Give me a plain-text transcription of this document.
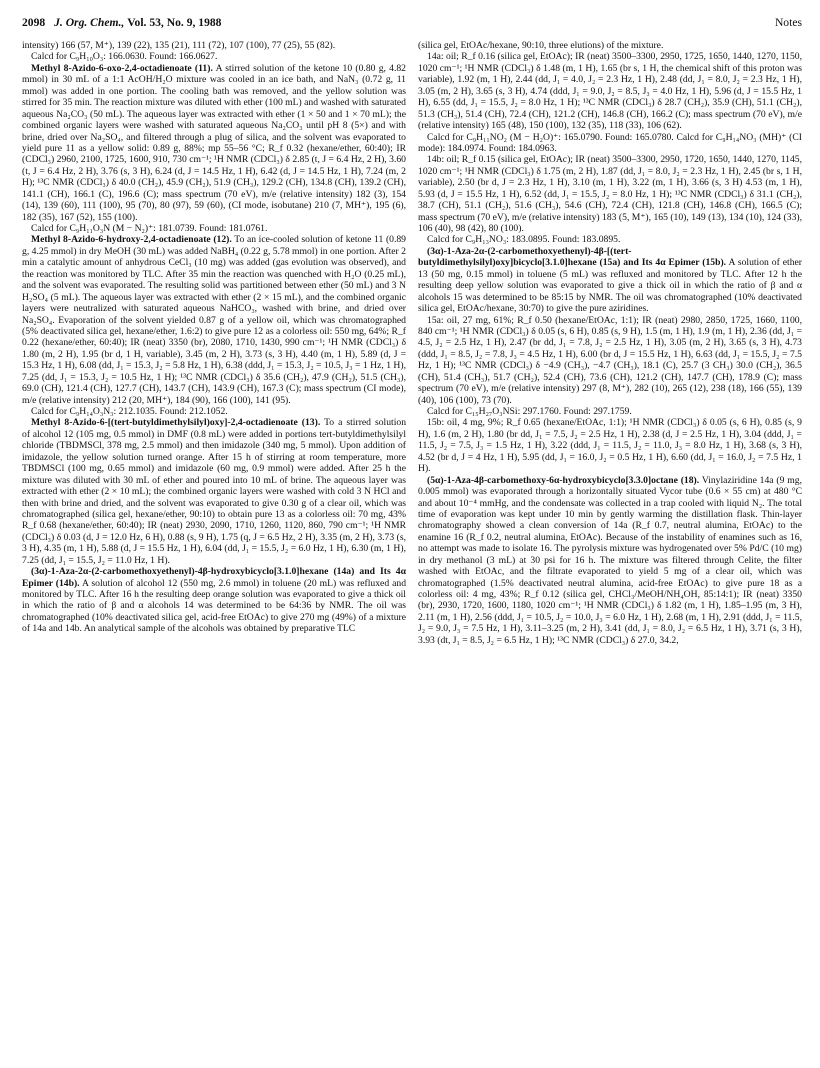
2098 J. Org. Chem., Vol. 53, No. 9, 1988	Notes

intensity) 166 (57, M⁺), 139 (22), 135 (21), 111 (72), 107 (100), 77 (25), 55 (82).

Calcd for C₉H₁₀O₃: 166.0630. Found: 166.0627.

Methyl 8-Azido-6-oxo-2,4-octadienoate (11). A stirred solution of the ketone 10 (0.80 g, 4.82 mmol) in 30 mL of a 1:1 AcOH/H₂O mixture was cooled in an ice bath, and NaN₃ (0.72 g, 11 mmol) was added in one portion. The cooling bath was removed, and the yellow solution was stirred for 35 min. The reaction mixture was diluted with ether (100 mL) and washed with saturated aqueous Na₂CO₃ (50 mL). The aqueous layer was extracted with ether (1 × 50 and 1 × 70 mL); the combined organic layers were washed with saturated aqueous Na₂CO₃ until pH 8 (5×) and with brine, dried over Na₂SO₄, and filtered through a plug of silica, and the solvent was evaporated to yield pure 11 as a yellow solid: 0.89 g, 88%; mp 55–56 °C; R_f 0.32 (hexane/ether, 60:40); IR (CDCl₃) 2960, 2100, 1725, 1600, 910, 730 cm⁻¹; ¹H NMR (CDCl₃) δ 2.85 (t, J = 6.4 Hz, 2 H), 3.60 (t, J = 6.4 Hz, 2 H), 3.76 (s, 3 H), 6.24 (d, J = 14.5 Hz, 1 H), 6.42 (d, J = 14.5 Hz, 1 H), 7.24 (m, 2 H); ¹³C NMR (CDCl₃) δ 40.0 (CH₂), 45.9 (CH₂), 51.9 (CH₃), 129.2 (CH), 134.8 (CH), 139.2 (CH), 141.1 (CH), 166.1 (C), 196.6 (C); mass spectrum (70 eV), m/e (relative intensity) 182 (3), 154 (14), 139 (60), 111 (100), 95 (70), 80 (97), 59 (60), (CI mode, isobutane) 210 (7, MH⁺), 195 (6), 182 (35), 167 (52), 155 (100).

Calcd for C₉H₁₁O₃N (M − N₂)⁺: 181.0739. Found: 181.0761.

Methyl 8-Azido-6-hydroxy-2,4-octadienoate (12). To an ice-cooled solution of ketone 11 (0.89 g, 4.25 mmol) in dry MeOH (30 mL) was added NaBH₄ (0.22 g, 5.78 mmol) in one portion. After 2 min a catalytic amount of anhydrous CeCl₃ (10 mg) was added (gas evolution was observed), and the reaction was monitored by TLC. After 35 min the reaction was quenched with H₂O (0.25 mL), and the solvent was evaporated. The resulting solid was partitioned between ether (50 mL) and 3 N H₂SO₄ (5 mL). The aqueous layer was extracted with ether (2 × 15 mL), and the combined organic layers were neutralized with saturated aqueous NaHCO₃, washed with brine, and dried over Na₂SO₄. Evaporation of the solvent yielded 0.87 g of a yellow oil, which was chromatographed (5% deactivated silica gel, hexane/ether, 1.6:2) to give pure 12 as a colorless oil: 550 mg, 64%; R_f 0.22 (hexane/ether, 60:40); IR (neat) 3350 (br), 2080, 1710, 1430, 990 cm⁻¹; ¹H NMR (CDCl₃) δ 1.80 (m, 2 H), 1.95 (br d, 1 H, variable), 3.45 (m, 2 H), 3.73 (s, 3 H), 4.40 (m, 1 H), 5.89 (d, J = 15.3 Hz, 1 H), 6.08 (dd, J₁ = 15.3, J₂ = 5.8 Hz, 1 H), 6.38 (ddd, J₁ = 15.3, J₂ = 10.5, J₃ = 1 Hz, 1 H), 7.25 (dd, J₁ = 15.3, J₂ = 10.5 Hz, 1 H); ¹³C NMR (CDCl₃) δ 35.6 (CH₂), 47.9 (CH₂), 51.5 (CH₃), 69.0 (CH), 121.4 (CH), 127.7 (CH), 143.7 (CH), 143.9 (CH), 167.3 (C); mass spectrum (CI mode), m/e (relative intensity) 212 (20, MH⁺), 184 (90), 166 (100), 141 (95).

Calcd for C₉H₁₄O₃N₃: 212.1035. Found: 212.1052.

Methyl 8-Azido-6-[(tert-butyldimethylsilyl)oxy]-2,4-octadienoate (13). To a stirred solution of alcohol 12 (105 mg, 0.5 mmol) in DMF (0.8 mL) were added in portions tert-butyldimethylsilyl chloride (TBDMSCl, 378 mg, 2.5 mmol) and then imidazole (340 mg, 5 mmol). Upon addition of imidazole, the yellow solution turned orange. After 15 h of stirring at room temperature, more TBDMSCl (100 mg, 0.65 mmol) and imidazole (60 mg, 0.9 mmol) were added. After 25 h the mixture was diluted with 30 mL of ether and poured into 10 mL of brine. The aqueous layer was extracted with ether (2 × 10 mL); the combined organic layers were washed with cold 3 N HCl and then with brine and dried, and the solvent was evaporated to give 0.30 g of a clear oil, which was chromatographed (silica gel, hexane/ether, 90:10) to obtain pure 13 as a colorless oil: 70 mg, 43% R_f 0.68 (hexane/ether, 60:40); IR (neat) 2930, 2090, 1710, 1260, 1120, 860, 790 cm⁻¹; ¹H NMR (CDCl₃) δ 0.03 (d, J = 12.0 Hz, 6 H), 0.88 (s, 9 H), 1.75 (q, J = 6.5 Hz, 2 H), 3.35 (m, 2 H), 3.73 (s, 3 H), 4.35 (m, 1 H), 5.88 (d, J = 15.5 Hz, 1 H), 6.04 (dd, J₁ = 15.5, J₂ = 6.0 Hz, 1 H), 6.30 (m, 1 H), 7.25 (dd, J₁ = 15.5, J₂ = 11.0 Hz, 1 H).

(3α)-1-Aza-2α-(2-carbomethoxyethenyl)-4β-hydroxybicyclo[3.1.0]hexane (14a) and Its 4α Epimer (14b). A solution of alcohol 12 (550 mg, 2.6 mmol) in toluene (20 mL) was refluxed and monitored by TLC. After 16 h the resulting deep orange solution was evaporated to give a thick oil in which the ratio of β and α alcohols 14 was determined to be 64:36 by NMR. The oil was chromatographed (10% deactivated silica gel, acid-free EtOAc) to give 270 mg (49%) of a mixture of 14a and 14b. An analytical sample of the alcohols was obtained by preparative TLC

(silica gel, EtOAc/hexane, 90:10, three elutions) of the mixture.

14a: oil; R_f 0.16 (silica gel, EtOAc); IR (neat) 3500–3300, 2950, 1725, 1650, 1440, 1270, 1150, 1020 cm⁻¹; ¹H NMR (CDCl₃) δ 1.48 (m, 1 H), 1.65 (br s, 1 H, the chemical shift of this proton was variable), 1.92 (m, 1 H), 2.44 (dd, J₁ = 4.0, J₂ = 2.3 Hz, 1 H), 2.48 (dd, J₁ = 8.0, J₂ = 2.3 Hz, 1 H), 3.05 (m, 2 H), 3.65 (s, 3 H), 4.74 (ddd, J₁ = 9.0, J₂ = 8.5, J₃ = 4.0 Hz, 1 H), 5.96 (d, J = 15.5 Hz, 1 H), 6.55 (dd, J₁ = 15.5, J₂ = 8.0 Hz, 1 H); ¹³C NMR (CDCl₃) δ 28.7 (CH₂), 35.9 (CH), 51.1 (CH₂), 51.3 (CH₃), 51.4 (CH), 72.4 (CH), 121.2 (CH), 146.8 (CH), 166.2 (C); mass spectrum (70 eV), m/e (relative intensity) 165 (48), 150 (100), 132 (35), 118 (33), 106 (62).

Calcd for C₉H₁₁NO₂ (M − H₂O)⁺: 165.0790. Found: 165.0780. Calcd for C₉H₁₄NO₃ (MH)⁺ (CI mode): 184.0974. Found: 184.0963.

14b: oil; R_f 0.15 (silica gel, EtOAc); IR (neat) 3500–3300, 2950, 1720, 1650, 1440, 1270, 1145, 1020 cm⁻¹; ¹H NMR (CDCl₃) δ 1.75 (m, 2 H), 1.87 (dd, J₁ = 8.0, J₂ = 2.3 Hz, 1 H), 2.45 (br s, 1 H, variable), 2.50 (br d, J = 2.3 Hz, 1 H), 3.10 (m, 1 H), 3.22 (m, 1 H), 3.66 (s, 3 H) 4.53 (m, 1 H), 5.93 (d, J = 15.5 Hz, 1 H), 6.52 (dd, J₁ = 15.5, J₂ = 8.0 Hz, 1 H); ¹³C NMR (CDCl₃) δ 31.1 (CH₂), 38.7 (CH), 51.1 (CH₂), 51.6 (CH₃), 54.6 (CH), 72.4 (CH), 121.8 (CH), 146.8 (CH), 166.5 (C); mass spectrum (70 eV), m/e (relative intensity) 183 (5, M⁺), 165 (10), 149 (13), 134 (10), 124 (33), 106 (40), 98 (42), 80 (100).

Calcd for C₉H₁₃NO₃: 183.0895. Found: 183.0895.

(3α)-1-Aza-2α-(2-carbomethoxyethenyl)-4β-[(tert-butyldimethylsilyl)oxy]bicyclo[3.1.0]hexane (15a) and Its 4α Epimer (15b). A solution of ether 13 (50 mg, 0.15 mmol) in toluene (5 mL) was refluxed and monitored by TLC. After 12 h the resulting deep yellow solution was evaporated to give a thick oil in which the ratio of β and α alcohols 15 was determined to be 85:15 by NMR. The oil was chromatographed (10% deactivated silica gel, EtOAc/hexane, 30:70) to give the pure aziridines.

15a: oil, 27 mg, 61%; R_f 0.50 (hexane/EtOAc, 1:1); IR (neat) 2980, 2850, 1725, 1660, 1100, 840 cm⁻¹; ¹H NMR (CDCl₃) δ 0.05 (s, 6 H), 0.85 (s, 9 H), 1.5 (m, 1 H), 1.9 (m, 1 H), 2.36 (dd, J₁ = 4.5, J₂ = 2.5 Hz, 1 H), 2.47 (br dd, J₁ = 7.8, J₂ = 2.5 Hz, 1 H), 3.05 (m, 2 H), 3.65 (s, 3 H), 4.73 (ddd, J₁ = 8.5, J₂ = 7.8, J₃ = 4.5 Hz, 1 H), 6.00 (br d, J = 15.5 Hz, 1 H), 6.63 (dd, J₁ = 15.5, J₂ = 7.5 Hz, 1 H); ¹³C NMR (CDCl₃) δ −4.9 (CH₃), −4.7 (CH₃), 18.1 (C), 25.7 (3 CH₃) 30.0 (CH₂), 36.5 (CH), 51.4 (CH₃), 51.7 (CH₂), 52.4 (CH), 73.6 (CH), 121.2 (CH), 147.7 (CH), 178.9 (C); mass spectrum (70 eV), m/e (relative intensity) 297 (8, M⁺), 282 (10), 265 (12), 238 (18), 166 (55), 139 (40), 106 (100), 73 (70).

Calcd for C₁₅H₂₇O₃NSi: 297.1760. Found: 297.1759.

15b: oil, 4 mg, 9%; R_f 0.65 (hexane/EtOAc, 1:1); ¹H NMR (CDCl₃) δ 0.05 (s, 6 H), 0.85 (s, 9 H), 1.6 (m, 2 H), 1.80 (br dd, J₁ = 7.5, J₂ = 2.5 Hz, 1 H), 2.38 (d, J = 2.5 Hz, 1 H), 3.04 (ddd, J₁ = 11.5, J₂ = 7.5, J₃ = 1.5 Hz, 1 H), 3.22 (ddd, J₁ = 11.5, J₂ = 11.0, J₃ = 8.0 Hz, 1 H), 3.68 (s, 3 H), 4.52 (br d, J = 4 Hz, 1 H), 5.95 (dd, J₁ = 16.0, J₂ = 0.5 Hz, 1 H), 6.60 (dd, J₁ = 16.0, J₂ = 7.5 Hz, 1 H).

(5α)-1-Aza-4β-carbomethoxy-6α-hydroxybicyclo[3.3.0]octane (18). Vinylaziridine 14a (9 mg, 0.005 mmol) was evaporated through a horizontally situated Vycor tube (0.6 × 55 cm) at 480 °C and about 10⁻⁴ mmHg, and the condensate was collected in a trap cooled with liquid N₂. The total time of evaporation was kept under 10 min by gently warming the distillation flask. Thin-layer chromatography showed a clean conversion of 14a (R_f 0.7, neutral alumina, EtOAc) to the enamine 16 (R_f 0.2, neutral alumina, EtOAc). Because of the instability of enamines such as 16, no attempt was made to isolate 16. The pyrolysis mixture was hydrogenated over 5% Pd/C (10 mg) in dry methanol (3 mL) at 30 psi for 16 h. The mixture was filtered through Celite, the filter washed with EtOAc, and the filtrate evaporated to yield 5 mg of a clear oil, which was chromatographed (1.5% deactivated neutral alumina, acid-free EtOAc) to give pure 18 as a colorless oil: 4 mg, 43%; R_f 0.12 (silica gel, CHCl₃/MeOH/NH₄OH, 85:14:1); IR (neat) 3350 (br), 2930, 1720, 1600, 1180, 1020 cm⁻¹; ¹H NMR (CDCl₃) δ 1.82 (m, 1 H), 1.85–1.95 (m, 3 H), 2.11 (m, 1 H), 2.56 (ddd, J₁ = 10.5, J₂ = 10.0, J₃ = 6.0 Hz, 1 H), 2.68 (m, 1 H), 2.91 (ddd, J₁ = 11.5, J₂ = 9.0, J₃ = 7.5 Hz, 1 H), 3.11–3.25 (m, 2 H), 3.41 (dd, J₁ = 8.0, J₂ = 6.5 Hz, 1 H), 3.71 (s, 3 H), 3.93 (dt, J₁ = 8.5, J₂ = 6.5 Hz, 1 H); ¹³C NMR (CDCl₃) δ 27.0, 34.2,
